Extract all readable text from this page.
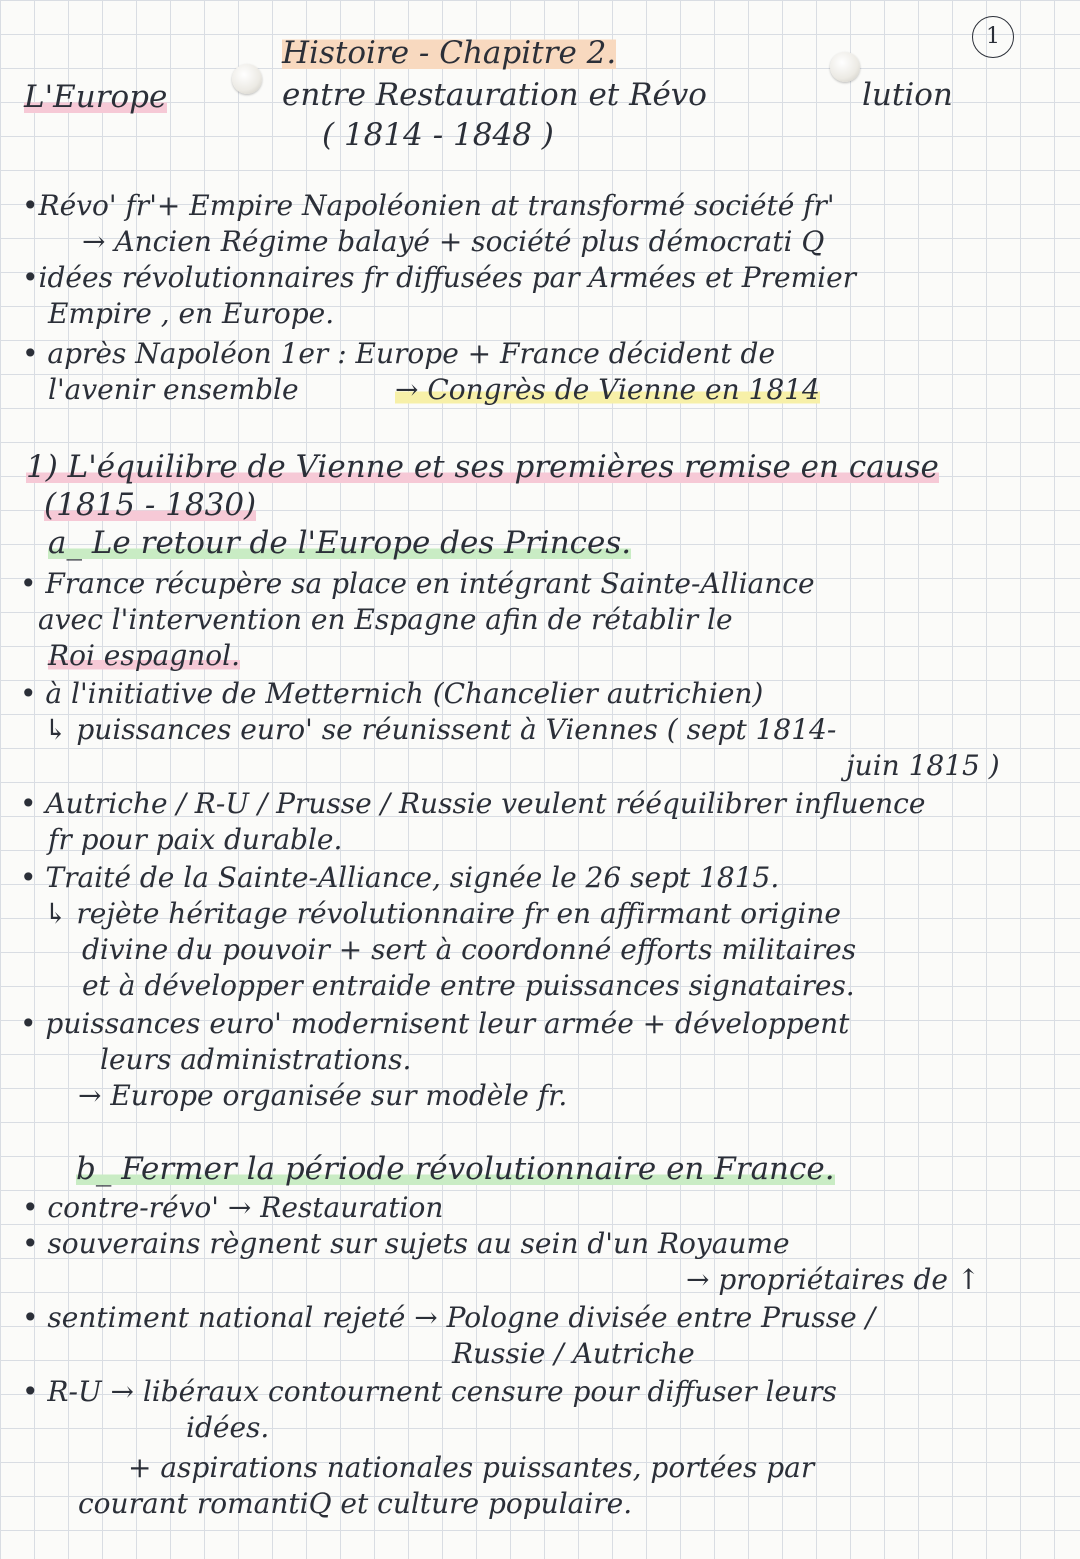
1
L'Europe
Histoire - Chapitre 2.
entre Restauration et Révo	lution
( 1814 - 1848 )
•Révo' fr'+ Empire Napoléonien at transformé société fr'
→ Ancien Régime balayé + société plus démocrati Q
•idées révolutionnaires fr diffusées par Armées et Premier
Empire , en Europe.
• après Napoléon 1er : Europe + France décident de
l'avenir ensemble	→ Congrès de Vienne en 1814
1) L'équilibre de Vienne et ses premières remise en cause
(1815 - 1830)
a_ Le retour de l'Europe des Princes.
• France récupère sa place en intégrant Sainte-Alliance
avec l'intervention en Espagne afin de rétablir le
Roi espagnol.
• à l'initiative de Metternich (Chancelier autrichien)
↳ puissances euro' se réunissent à Viennes ( sept 1814-
juin 1815 )
• Autriche / R-U / Prusse / Russie veulent rééquilibrer influence
fr pour paix durable.
• Traité de la Sainte-Alliance, signée le 26 sept 1815.
↳ rejète héritage révolutionnaire fr en affirmant origine
divine du pouvoir + sert à coordonné efforts militaires
et à développer entraide entre puissances signataires.
• puissances euro' modernisent leur armée + développent
leurs administrations.
→ Europe organisée sur modèle fr.
b_ Fermer la période révolutionnaire en France.
• contre-révo' → Restauration
• souverains règnent sur sujets au sein d'un Royaume
→ propriétaires de ↑
• sentiment national rejeté → Pologne divisée entre Prusse /
Russie / Autriche
• R-U → libéraux contournent censure pour diffuser leurs
idées.
+ aspirations nationales puissantes, portées par
courant romantiQ et culture populaire.
